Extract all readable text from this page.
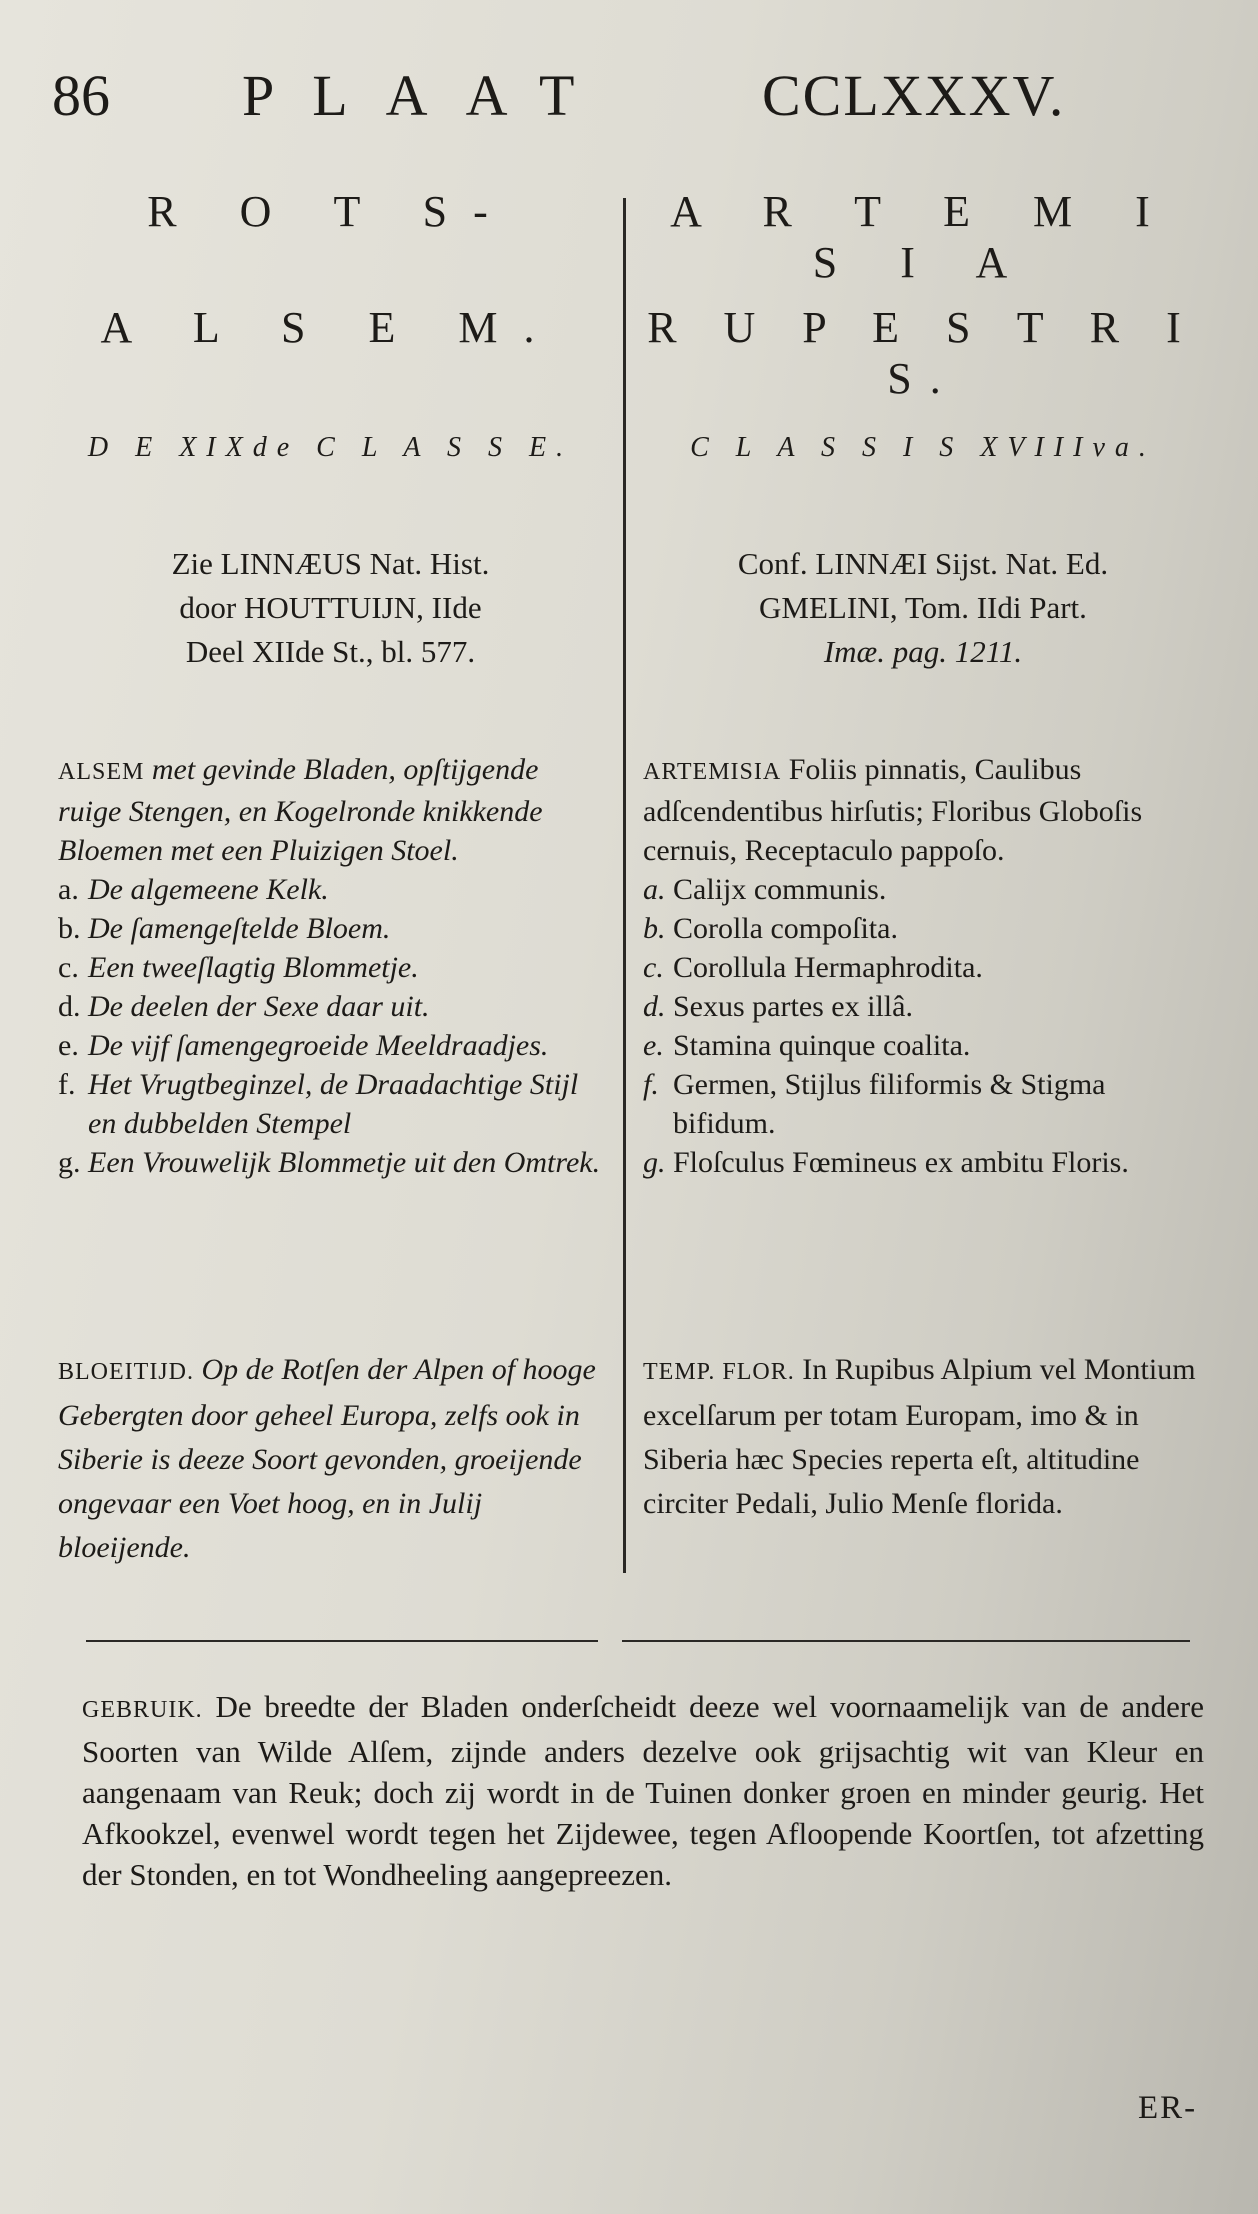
86 PLAAT	CCLXXXV.
R O T S-
A L S E M.
D E XIXde C L A S S E.
Zie LINNÆUS Nat. Hist.
door HOUTTUIJN, IIde
Deel XIIde St., bl. 577.
ALSEM met gevinde Bladen, opſtijgende ruige Stengen, en Kogelronde knikkende Bloemen met een Pluizigen Stoel.
a. De algemeene Kelk.
b. De ſamengeſtelde Bloem.
c. Een tweeſlagtig Blommetje.
d. De deelen der Sexe daar uit.
e. De vijf ſamengegroeide Meeldraadjes.
f. Het Vrugtbeginzel, de Draadachtige Stijl en dubbelden Stempel
g. Een Vrouwelijk Blommetje uit den Omtrek.
BLOEITIJD. Op de Rotſen der Alpen of hooge Gebergten door geheel Europa, zelfs ook in Siberie is deeze Soort gevonden, groeijende ongevaar een Voet hoog, en in Julij bloeijende.
A R T E M I S I A
R U P E S T R I S.
C L A S S I S XVIIIva.
Conf. LINNÆI Sijst. Nat. Ed.
GMELINI, Tom. IIdi Part.
Imæ. pag. 1211.
ARTEMISIA Foliis pinnatis, Caulibus adſcendentibus hirſutis; Floribus Globoſis cernuis, Receptaculo pappoſo.
a. Calijx communis.
b. Corolla compoſita.
c. Corollula Hermaphrodita.
d. Sexus partes ex illâ.
e. Stamina quinque coalita.
f. Germen, Stijlus filiformis & Stigma bifidum.
g. Floſculus Fœmineus ex ambitu Floris.
TEMP. FLOR. In Rupibus Alpium vel Montium excelſarum per totam Europam, imo & in Siberia hæc Species reperta eſt, altitudine circiter Pedali, Julio Menſe florida.
GEBRUIK. De breedte der Bladen onderſcheidt deeze wel voornaamelijk van de andere Soorten van Wilde Alſem, zijnde anders dezelve ook grijsachtig wit van Kleur en aangenaam van Reuk; doch zij wordt in de Tuinen donker groen en minder geurig. Het Afkookzel, evenwel wordt tegen het Zijdewee, tegen Afloopende Koortſen, tot afzetting der Stonden, en tot Wondheeling aangepreezen.
ER-
